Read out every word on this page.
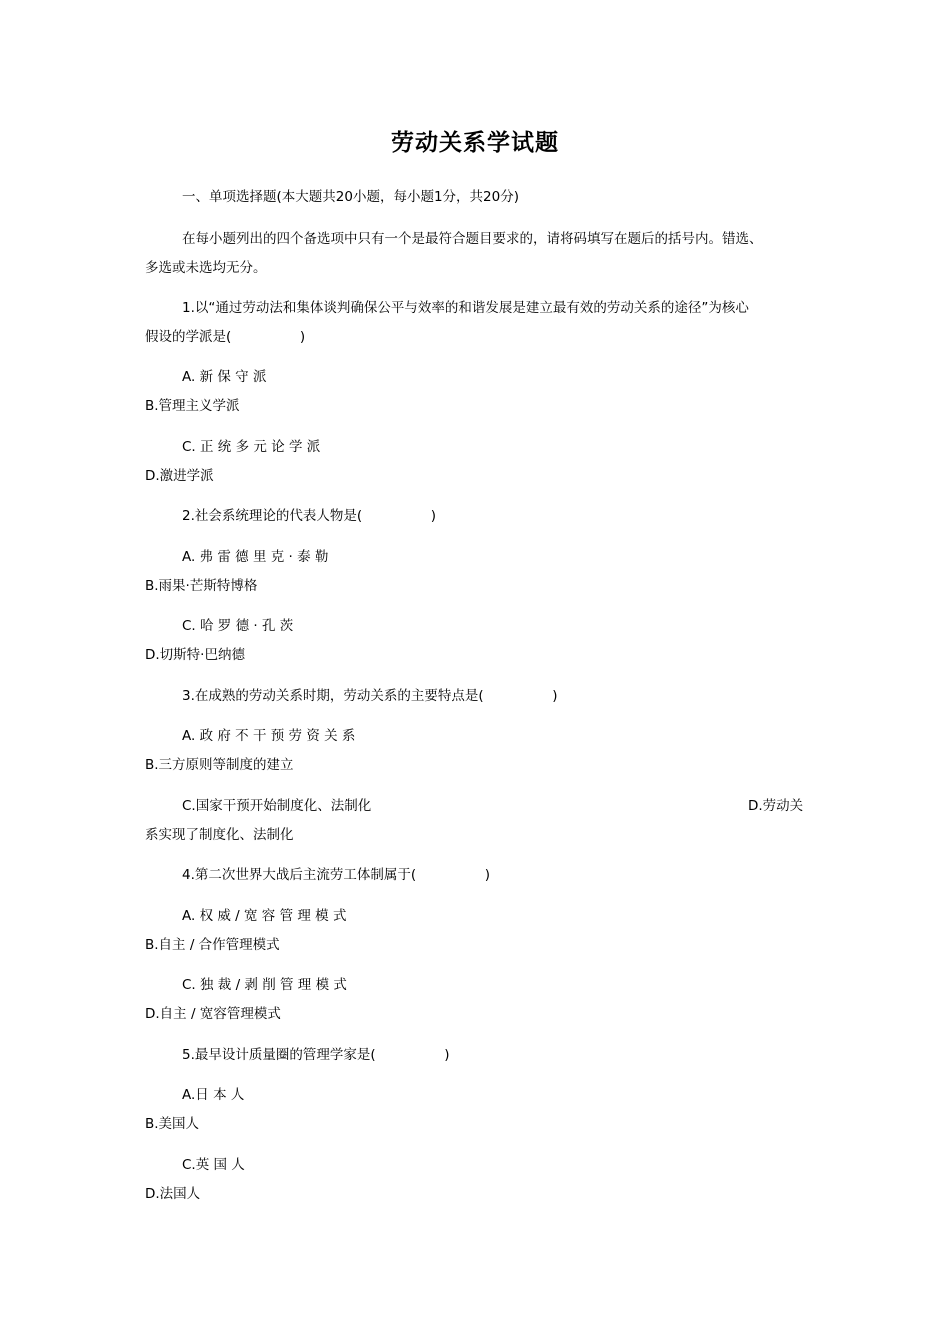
劳动关系学试题
一、单项选择题(本大题共20小题，每小题1分，共20分)
在每小题列出的四个备选项中只有一个是最符合题目要求的，请将码填写在题后的括号内。错选、
多选或未选均无分。
1.以“通过劳动法和集体谈判确保公平与效率的和谐发展是建立最有效的劳动关系的途径”为核心
假设的学派是(                )
A. 新 保 守 派
B.管理主义学派
C. 正 统 多 元 论 学 派
D.激进学派
2.社会系统理论的代表人物是(                )
A. 弗 雷 德 里 克 · 泰 勒
B.雨果·芒斯特博格
C. 哈 罗 德 · 孔 茨
D.切斯特·巴纳德
3.在成熟的劳动关系时期，劳动关系的主要特点是(                )
A. 政 府 不 干 预 劳 资 关 系
B.三方原则等制度的建立
C.国家干预开始制度化、法制化	D.劳动关
系实现了制度化、法制化
4.第二次世界大战后主流劳工体制属于(                )
A. 权 威 / 宽 容 管 理 模 式
B.自主 / 合作管理模式
C. 独 裁 / 剥 削 管 理 模 式
D.自主 / 宽容管理模式
5.最早设计质量圈的管理学家是(                )
A.日 本 人
B.美国人
C.英 国 人
D.法国人
